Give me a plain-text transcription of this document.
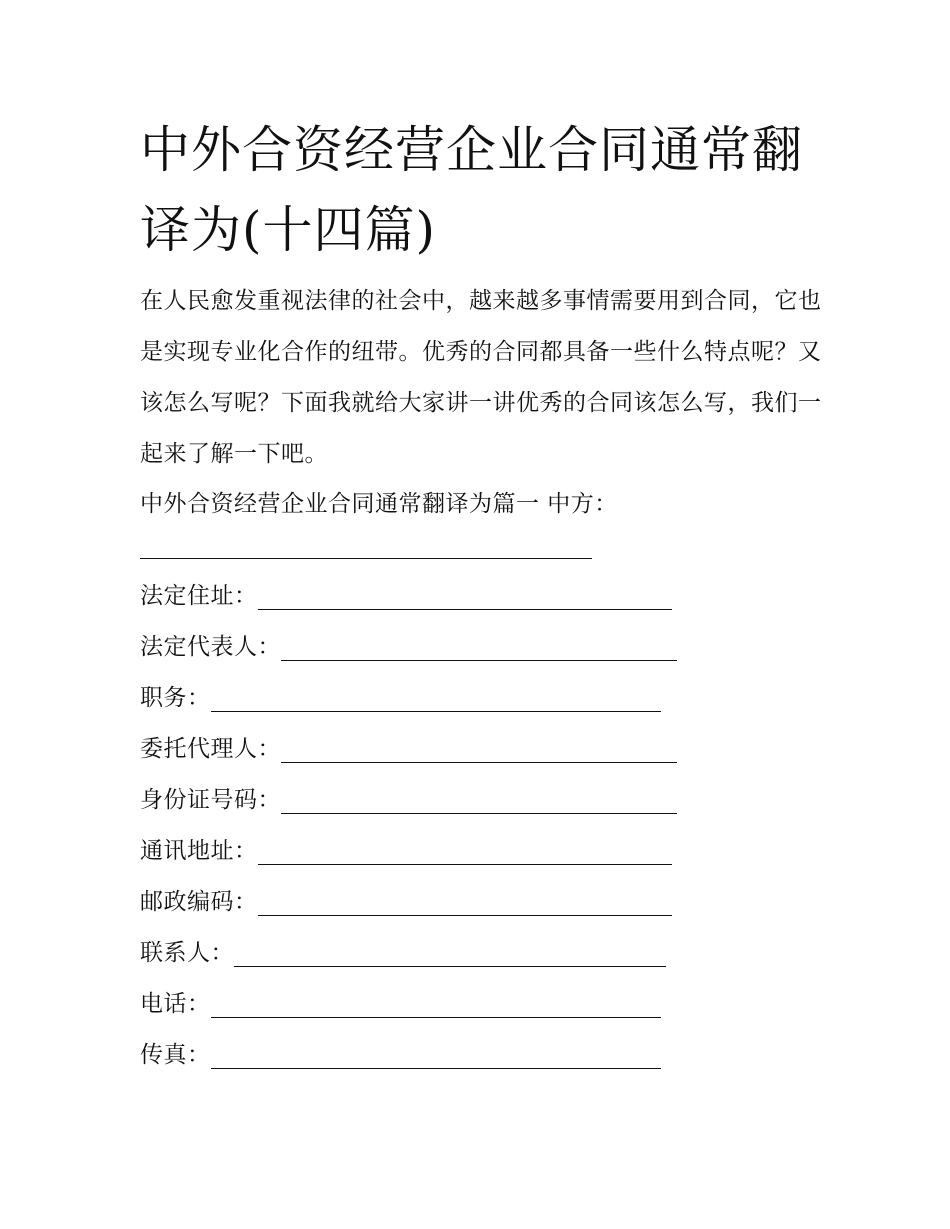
中外合资经营企业合同通常翻译为(十四篇)

在人民愈发重视法律的社会中，越来越多事情需要用到合同，它也是实现专业化合作的纽带。优秀的合同都具备一些什么特点呢？又该怎么写呢？下面我就给大家讲一讲优秀的合同该怎么写，我们一起来了解一下吧。

中外合资经营企业合同通常翻译为篇一 中方：
法定住址：
法定代表人：
职务：
委托代理人：
身份证号码：
通讯地址：
邮政编码：
联系人：
电话：
传真：
